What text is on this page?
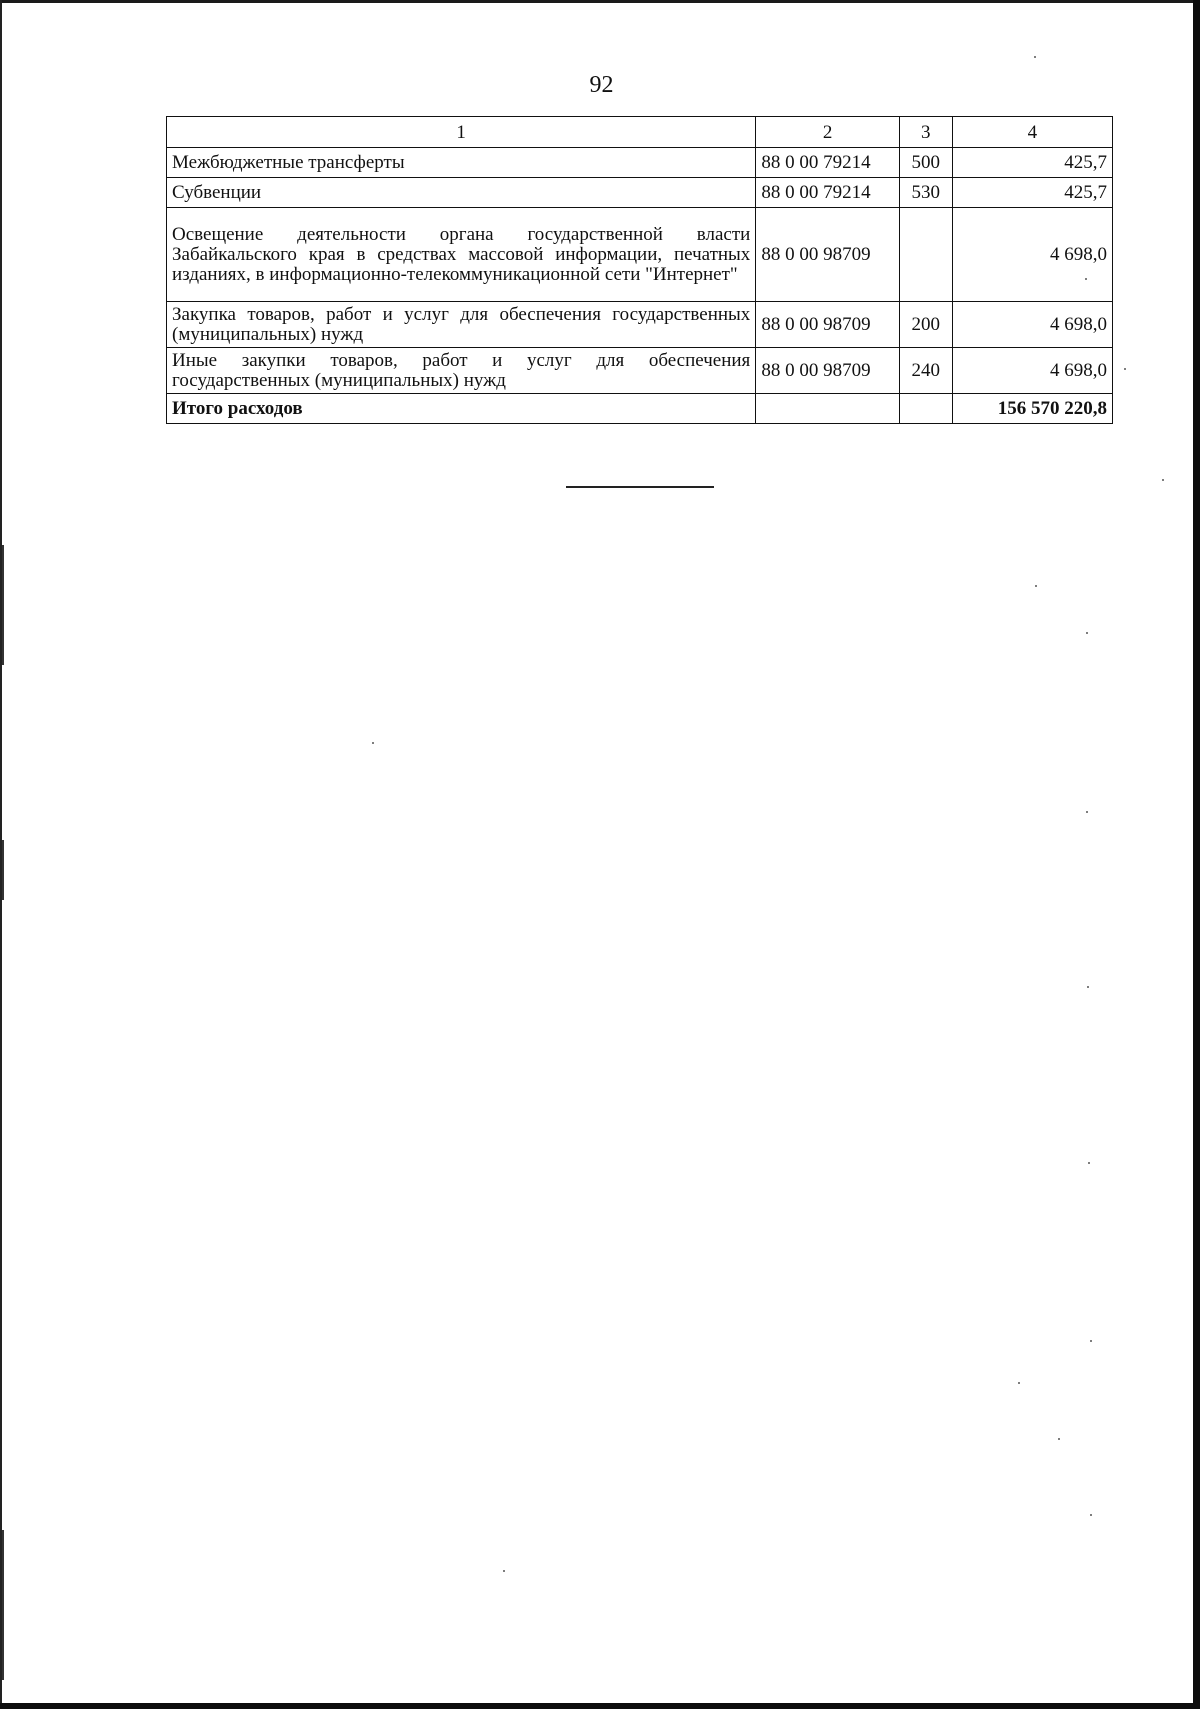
92
1	2	3	4
Межбюджетные трансферты	88 0 00 79214	500	425,7
Субвенции	88 0 00 79214	530	425,7
Освещение деятельности органа государственной власти Забайкальского края в средствах массовой информации, печатных изданиях, в информационно-телекоммуникационной сети "Интернет"	88 0 00 98709		4 698,0
Закупка товаров, работ и услуг для обеспечения государственных (муниципальных) нужд	88 0 00 98709	200	4 698,0
Иные закупки товаров, работ и услуг для обеспечения государственных (муниципальных) нужд	88 0 00 98709	240	4 698,0
Итого расходов			156 570 220,8
